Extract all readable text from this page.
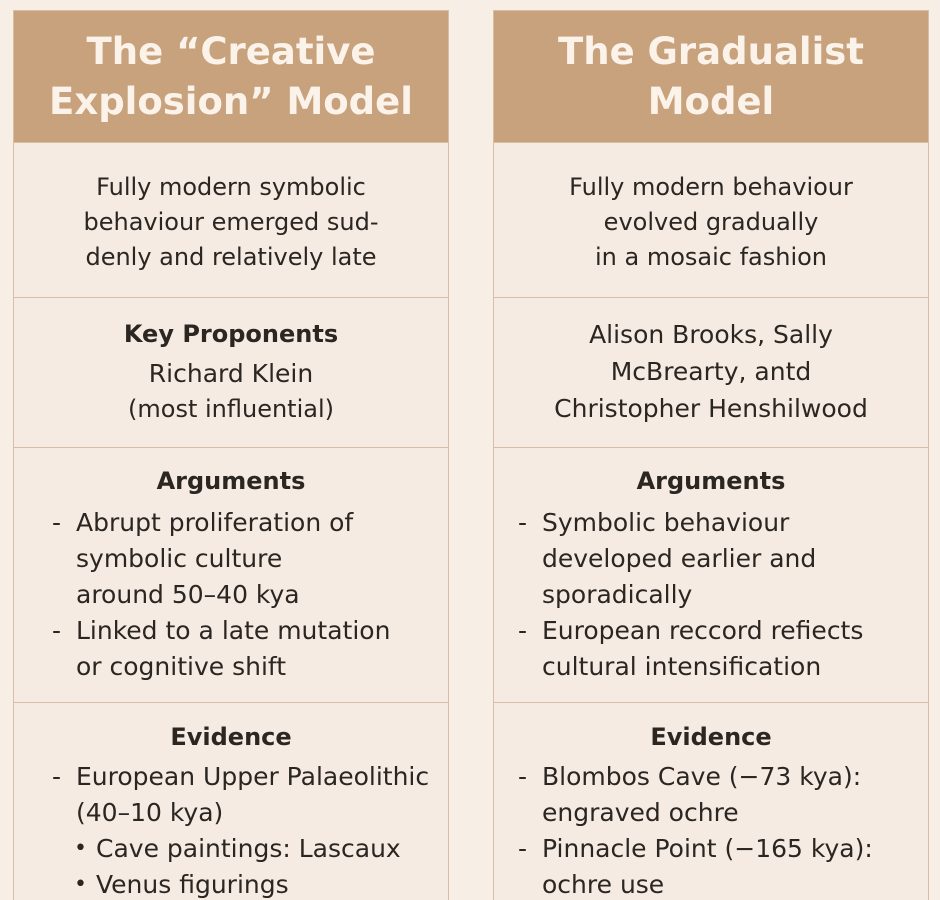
The “Creative
Explosion” Model
Fully modern symbolic
behaviour emerged sud-
denly and relatively late
Key Proponents
Richard Klein
(most influential)
Arguments
- Abrupt proliferation of
symbolic culture
around 50–40 kya
- Linked to a late mutation
or cognitive shift
Evidence
- European Upper Palaeolithic
(40–10 kya)
• Cave paintings: Lascaux
• Venus figurings
The Gradualist
Model
Fully modern behaviour
evolved gradually
in a mosaic fashion
Alison Brooks, Sally
McBrearty, antd
Christopher Henshilwood
Arguments
- Symbolic behaviour
developed earlier and
sporadically
- European reccord refiects
cultural intensification
Evidence
- Blombos Cave (−73 kya):
engraved ochre
- Pinnacle Point (−165 kya):
ochre use
